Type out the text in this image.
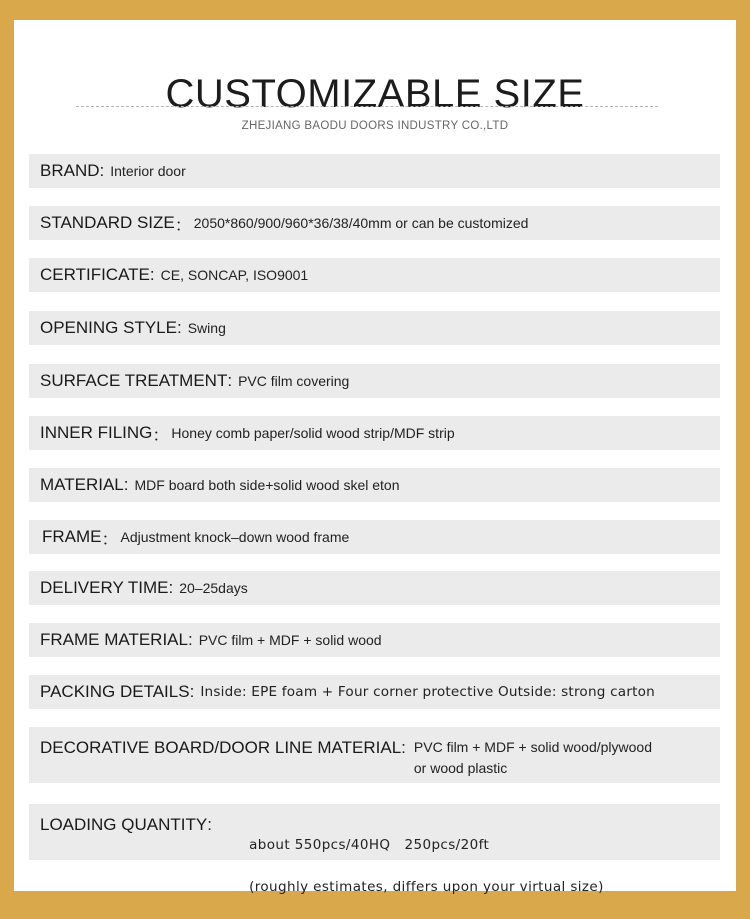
CUSTOMIZABLE SIZE
ZHEJIANG BAODU DOORS INDUSTRY CO.,LTD
BRAND : Interior door
STANDARD SIZE ： 2050*860/900/960*36/38/40mm or can be customized
CERTIFICATE : CE, SONCAP, ISO9001
OPENING STYLE : Swing
SURFACE TREATMENT : PVC film covering
INNER FILING ： Honey comb paper/solid wood strip/MDF strip
MATERIAL : MDF board both side+solid wood skel eton
FRAME ： Adjustment knock–down wood frame
DELIVERY TIME : 20–25days
FRAME MATERIAL : PVC film + MDF + solid wood
PACKING DETAILS : Inside: EPE foam + Four corner protective Outside: strong carton
DECORATIVE BOARD/DOOR LINE MATERIAL : PVC film + MDF + solid wood/plywood
or wood plastic
LOADING QUANTITY :

about 550pcs/40HQ   250pcs/20ft

(roughly estimates, differs upon your virtual size)
